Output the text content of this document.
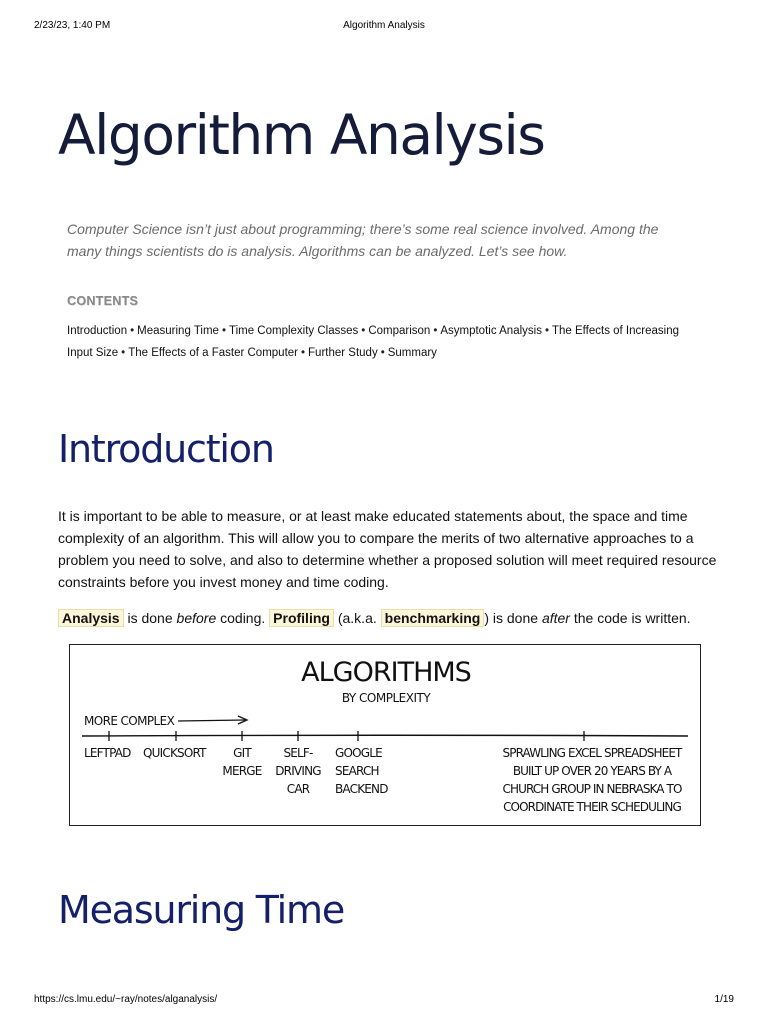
2/23/23, 1:40 PM	Algorithm Analysis
Algorithm Analysis

Computer Science isn’t just about programming; there’s some real science involved. Among the many things scientists do is analysis. Algorithms can be analyzed. Let’s see how.

CONTENTS
Introduction • Measuring Time • Time Complexity Classes • Comparison • Asymptotic Analysis • The Effects of Increasing Input Size • The Effects of a Faster Computer • Further Study • Summary
Introduction

It is important to be able to measure, or at least make educated statements about, the space and time complexity of an algorithm. This will allow you to compare the merits of two alternative approaches to a problem you need to solve, and also to determine whether a proposed solution will meet required resource constraints before you invest money and time coding.

Analysis is done before coding. Profiling (a.k.a. benchmarking ) is done after the code is written.

ALGORITHMS
BY COMPLEXITY
MORE COMPLEX
LEFTPAD QUICKSORT GIT
MERGE
SELF-
DRIVING
CAR
GOOGLE
SEARCH
BACKEND
SPRAWLING EXCEL SPREADSHEET
BUILT UP OVER 20 YEARS BY A
CHURCH GROUP IN NEBRASKA TO
COORDINATE THEIR SCHEDULING
Measuring Time
https://cs.lmu.edu/~ray/notes/alganalysis/	1/19
